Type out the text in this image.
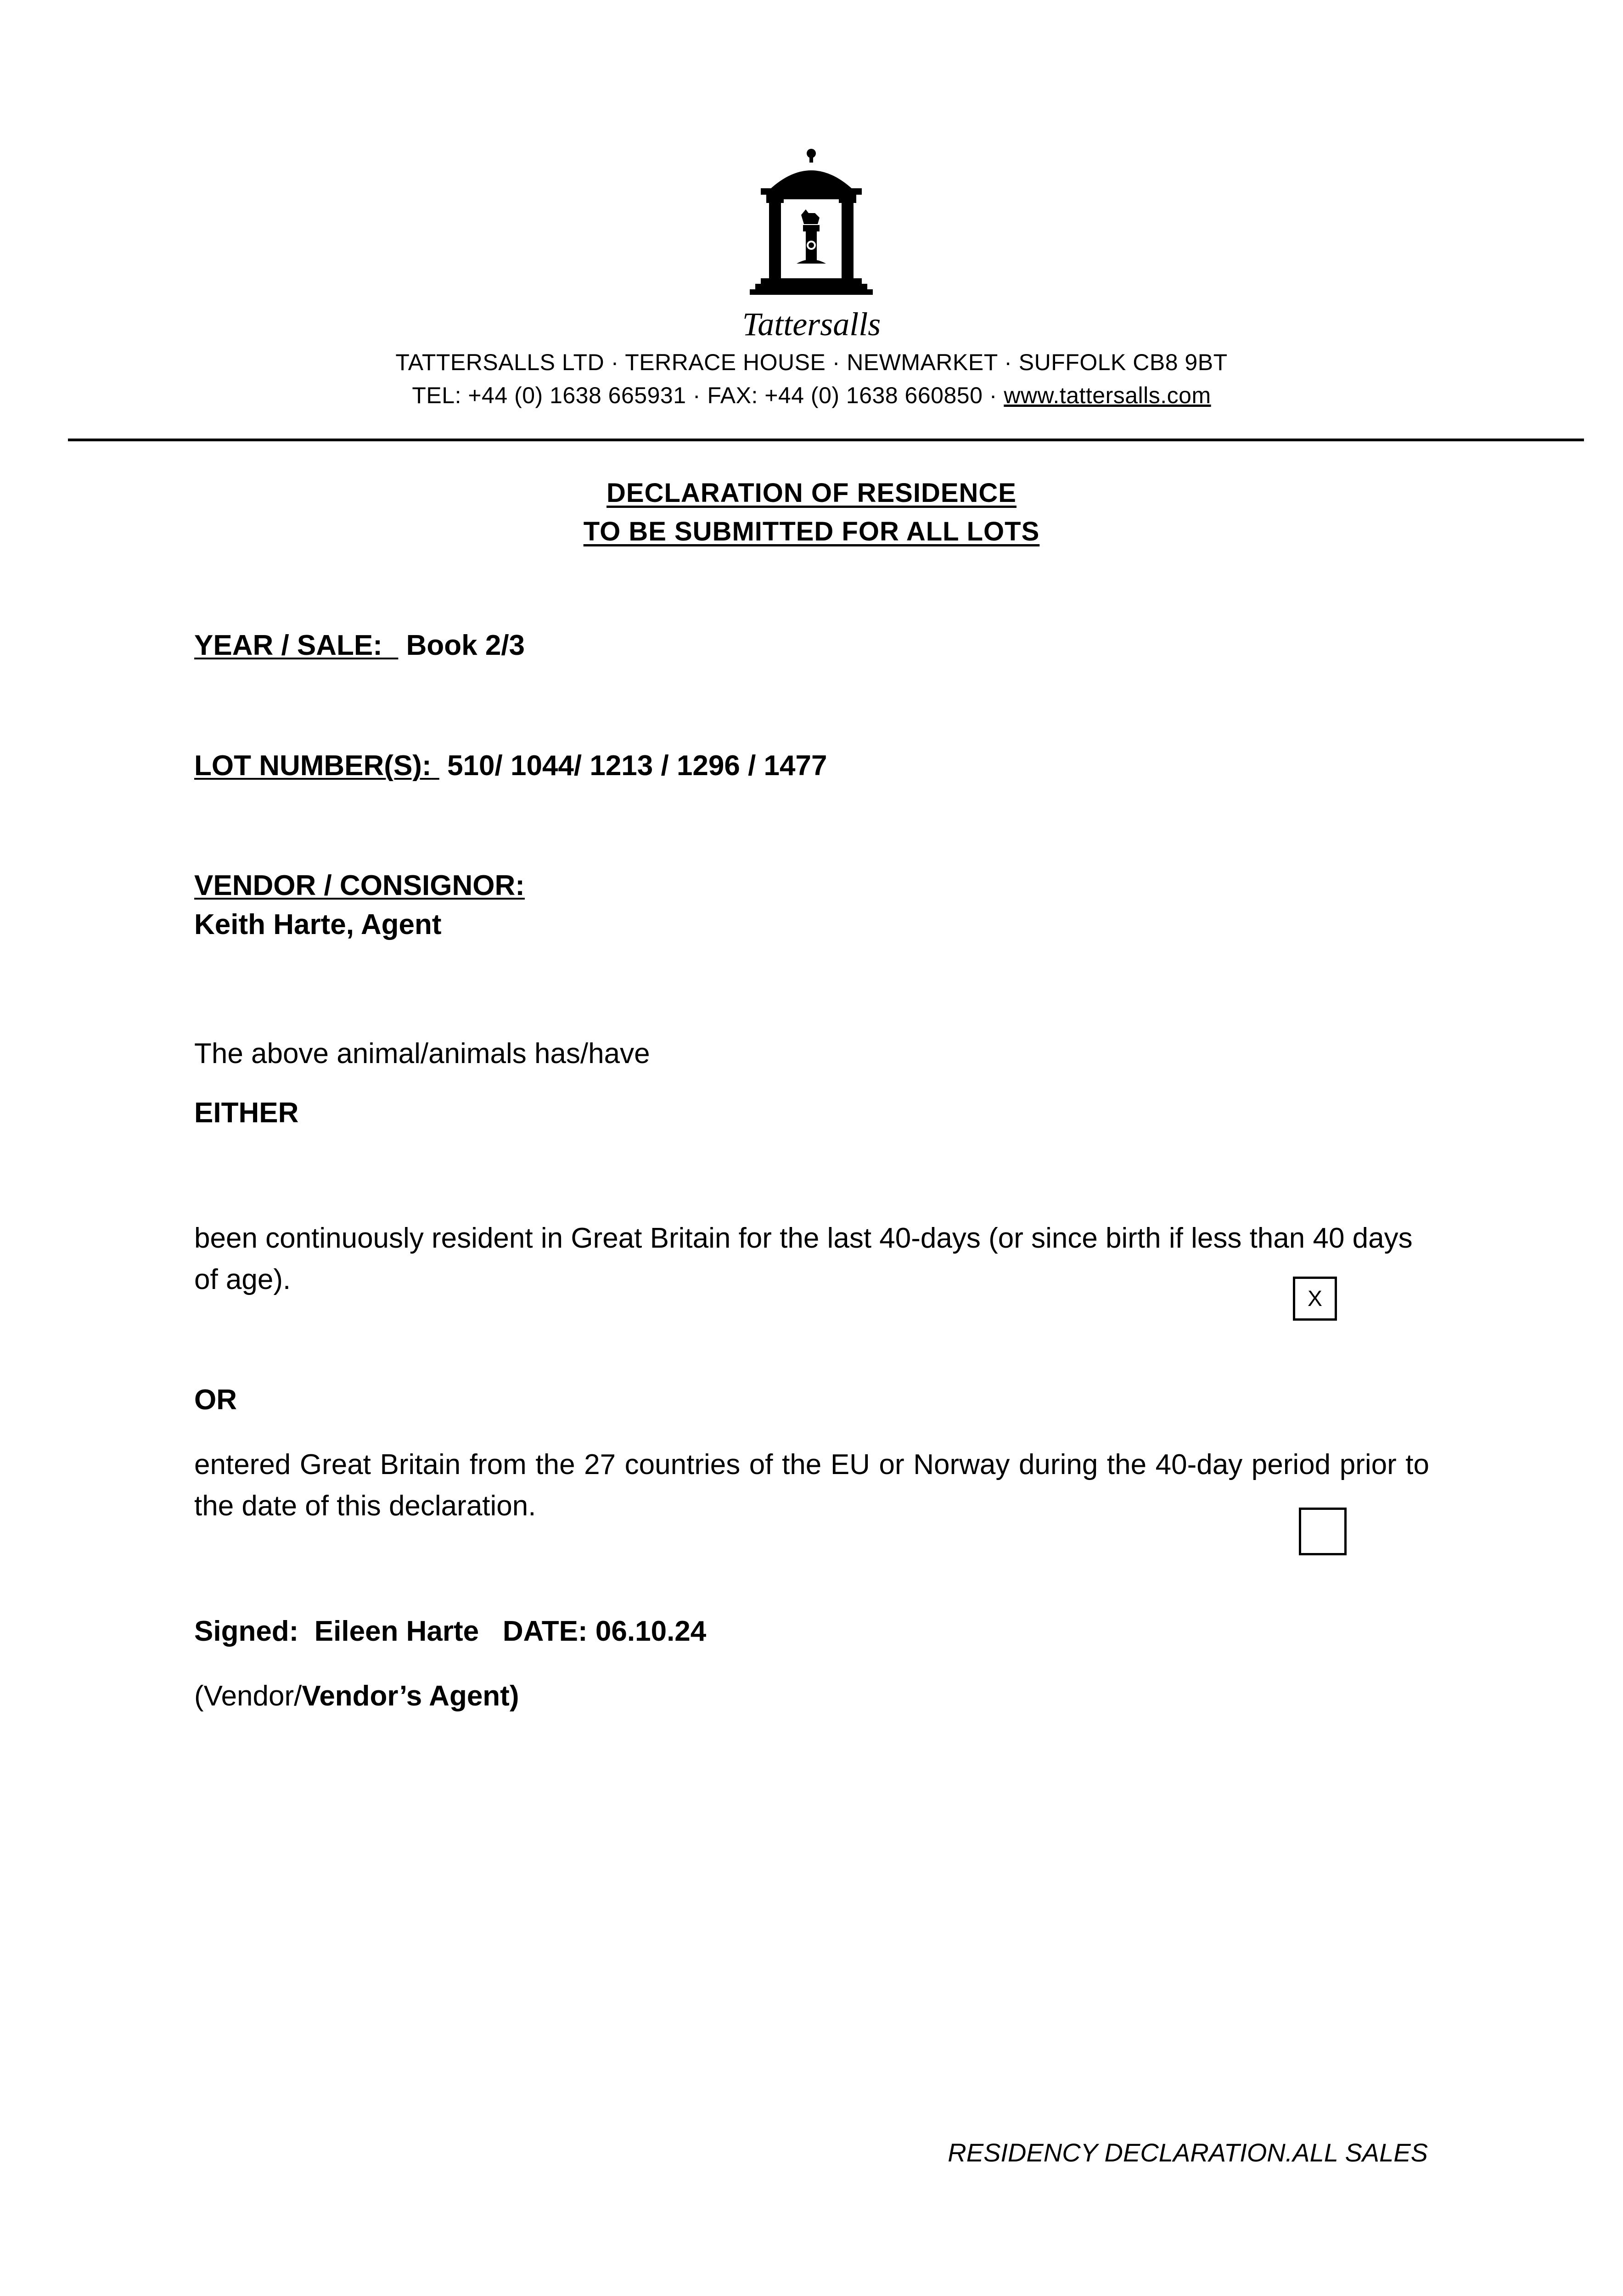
Tattersalls
TATTERSALLS LTD · TERRACE HOUSE · NEWMARKET · SUFFOLK CB8 9BT
TEL: +44 (0) 1638 665931 · FAX: +44 (0) 1638 660850 · www.tattersalls.com
DECLARATION OF RESIDENCE
TO BE SUBMITTED FOR ALL LOTS
YEAR / SALE: Book 2/3
LOT NUMBER(S): 510/ 1044/ 1213 / 1296 / 1477
VENDOR / CONSIGNOR:
Keith Harte, Agent
The above animal/animals has/have
EITHER
been continuously resident in Great Britain for the last 40-days (or since birth if less than 40 days of age).
X
OR
entered Great Britain from the 27 countries of the EU or Norway during the 40-day period prior to the date of this declaration.
Signed: Eileen Harte DATE: 06.10.24
(Vendor/Vendor’s Agent)
RESIDENCY DECLARATION.ALL SALES
